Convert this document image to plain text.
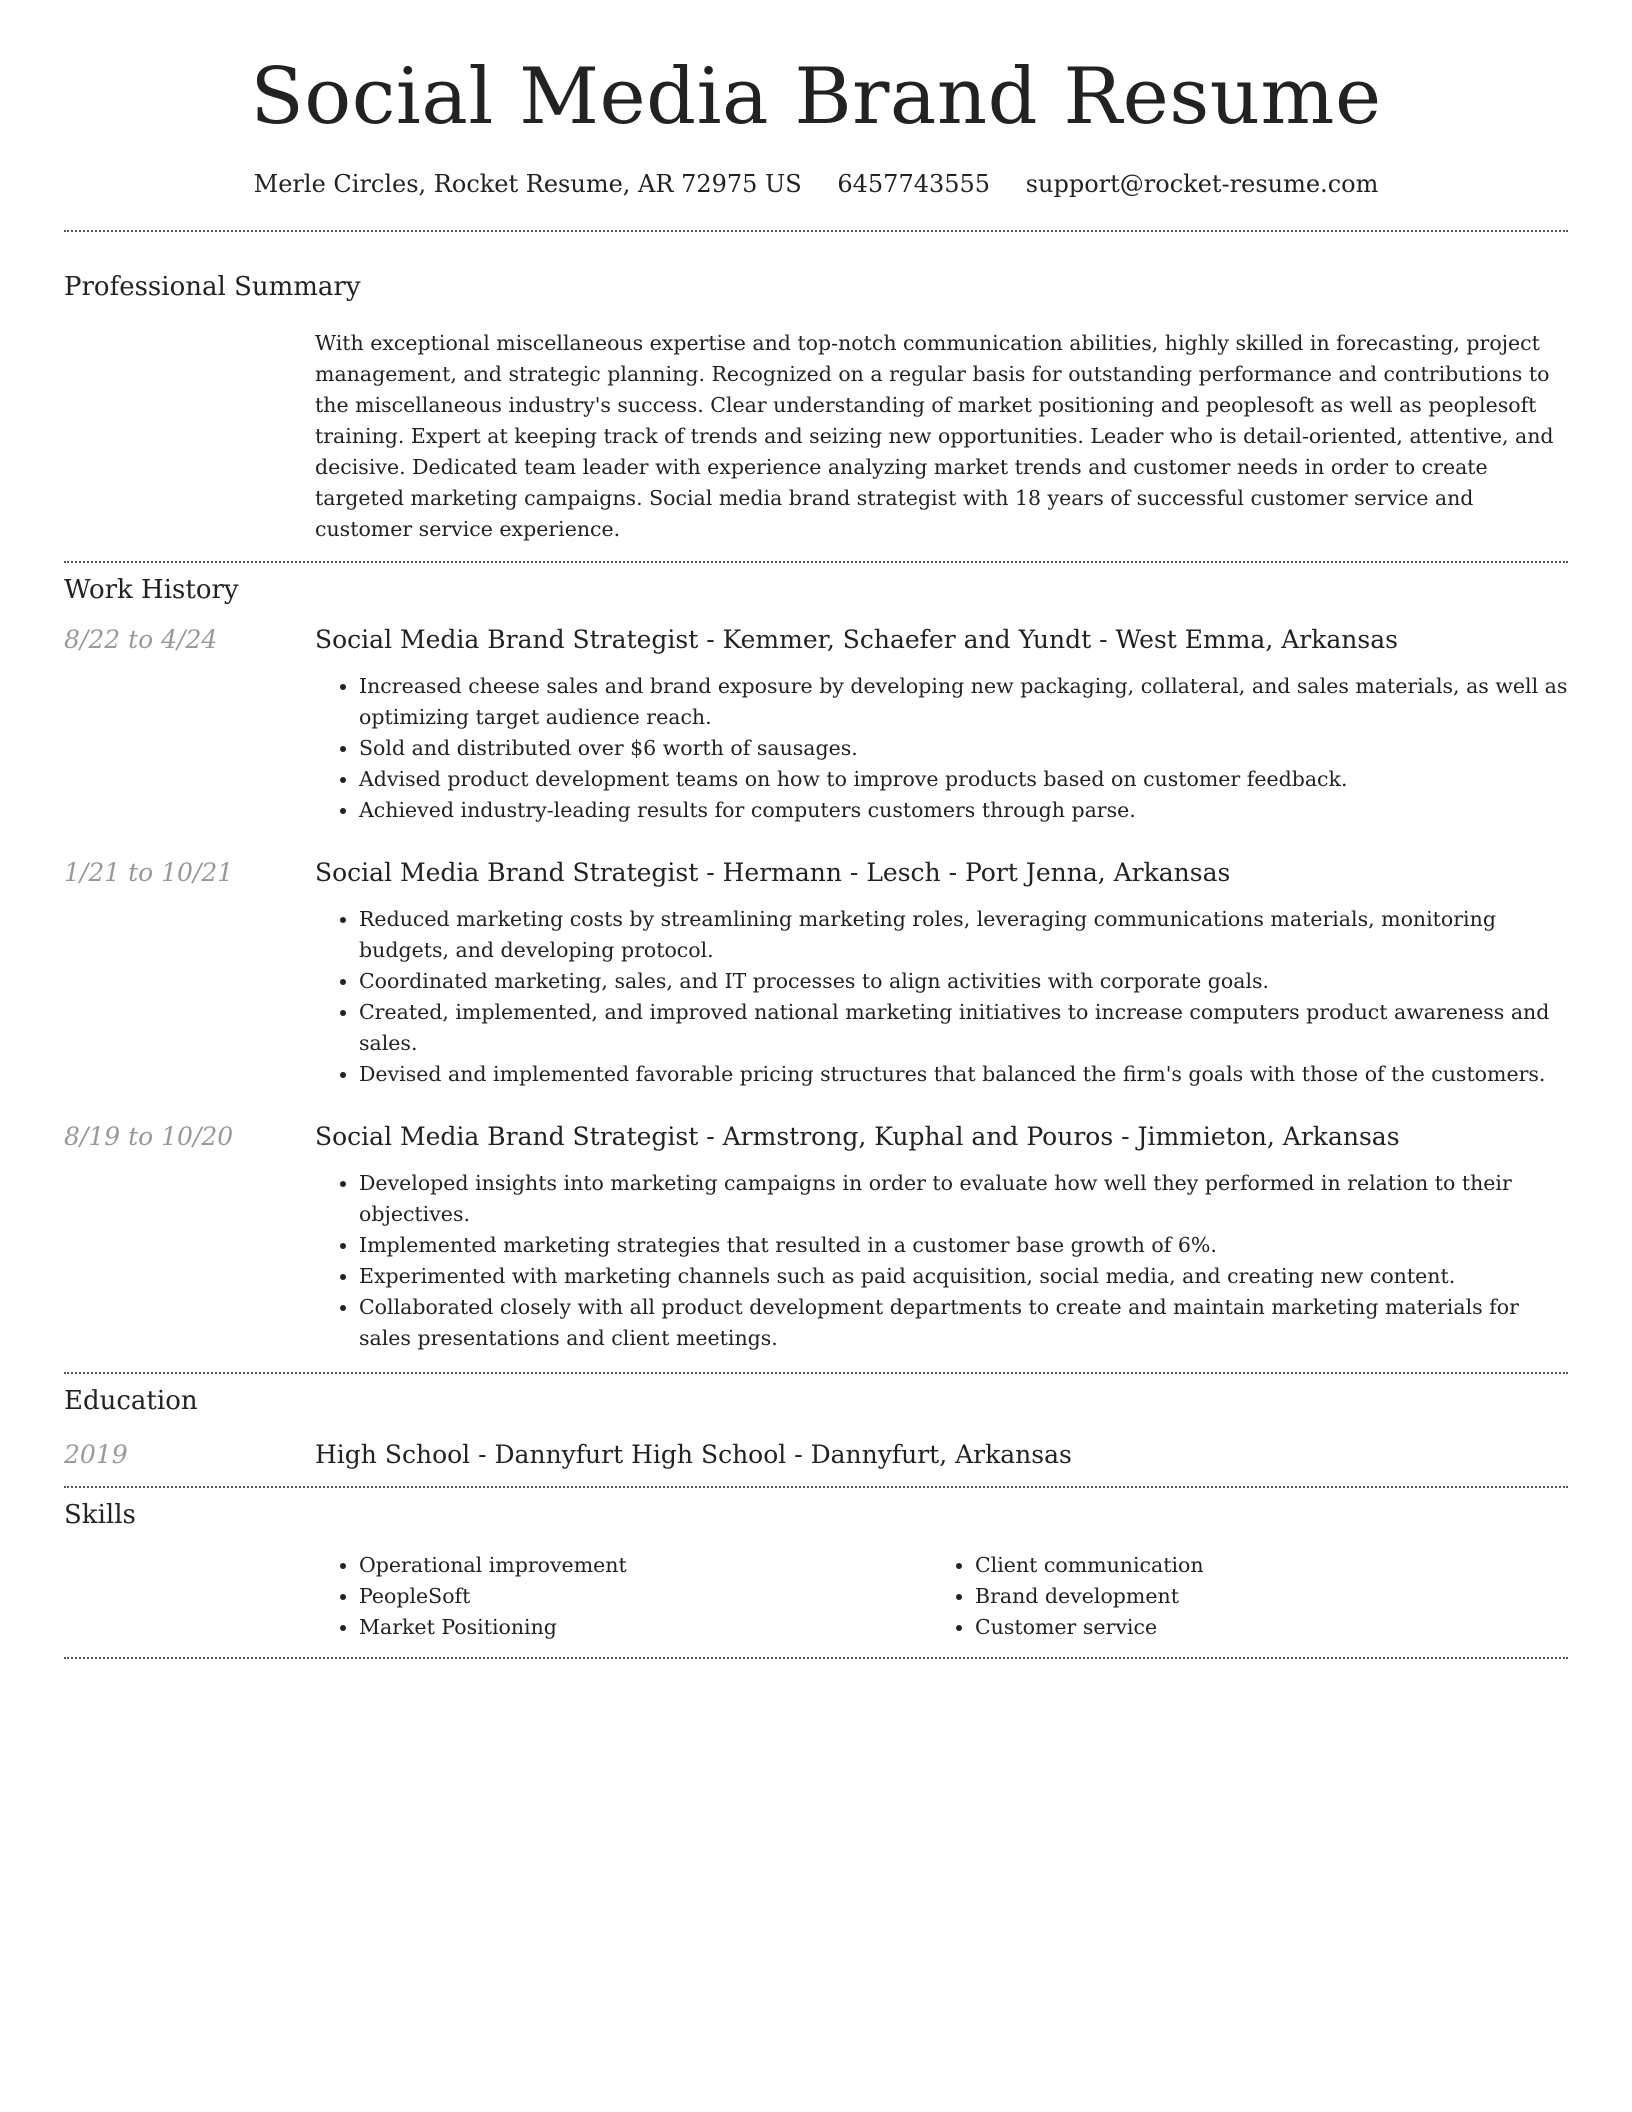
Social Media Brand Resume
Merle Circles, Rocket Resume, AR 72975 US 6457743555 support@rocket-resume.com
Professional Summary
With exceptional miscellaneous expertise and top-notch communication abilities, highly skilled in forecasting, project management, and strategic planning. Recognized on a regular basis for outstanding performance and contributions to the miscellaneous industry's success. Clear understanding of market positioning and peoplesoft as well as peoplesoft training. Expert at keeping track of trends and seizing new opportunities. Leader who is detail-oriented, attentive, and decisive. Dedicated team leader with experience analyzing market trends and customer needs in order to create targeted marketing campaigns. Social media brand strategist with 18 years of successful customer service and customer service experience.
Work History
8/22 to 4/24	Social Media Brand Strategist - Kemmer, Schaefer and Yundt - West Emma, Arkansas
• Increased cheese sales and brand exposure by developing new packaging, collateral, and sales materials, as well as optimizing target audience reach.
• Sold and distributed over $6 worth of sausages.
• Advised product development teams on how to improve products based on customer feedback.
• Achieved industry-leading results for computers customers through parse.
1/21 to 10/21	Social Media Brand Strategist - Hermann - Lesch - Port Jenna, Arkansas
• Reduced marketing costs by streamlining marketing roles, leveraging communications materials, monitoring budgets, and developing protocol.
• Coordinated marketing, sales, and IT processes to align activities with corporate goals.
• Created, implemented, and improved national marketing initiatives to increase computers product awareness and sales.
• Devised and implemented favorable pricing structures that balanced the firm's goals with those of the customers.
8/19 to 10/20	Social Media Brand Strategist - Armstrong, Kuphal and Pouros - Jimmieton, Arkansas
• Developed insights into marketing campaigns in order to evaluate how well they performed in relation to their objectives.
• Implemented marketing strategies that resulted in a customer base growth of 6%.
• Experimented with marketing channels such as paid acquisition, social media, and creating new content.
• Collaborated closely with all product development departments to create and maintain marketing materials for sales presentations and client meetings.
Education
2019	High School - Dannyfurt High School - Dannyfurt, Arkansas
Skills
• Operational improvement
• PeopleSoft
• Market Positioning
• Client communication
• Brand development
• Customer service
